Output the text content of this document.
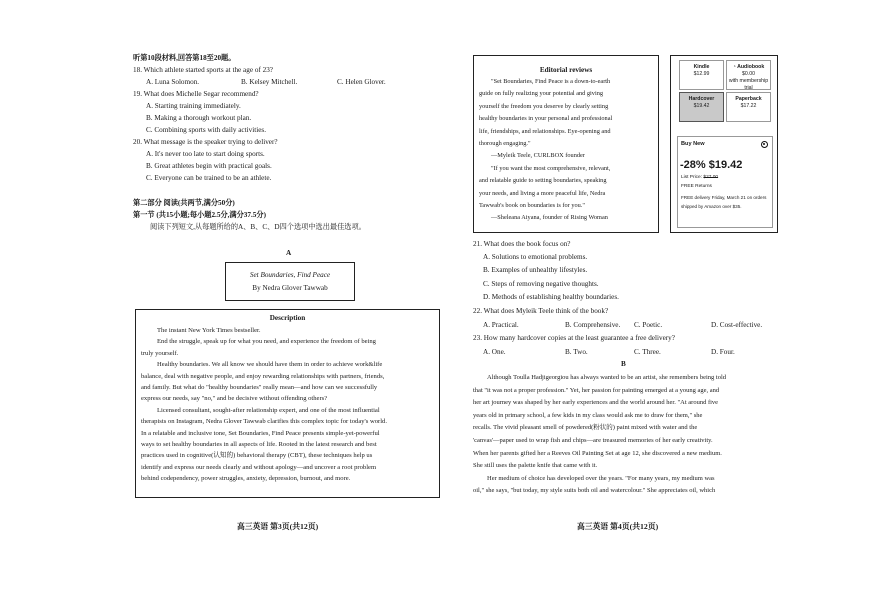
听第10段材料,回答第18至20题。
18. Which athlete started sports at the age of 23?
A. Luna Solomon.	B. Kelsey Mitchell.	C. Helen Glover.
19. What does Michelle Segar recommend?
A. Starting training immediately.
B. Making a thorough workout plan.
C. Combining sports with daily activities.
20. What message is the speaker trying to deliver?
A. It's never too late to start doing sports.
B. Great athletes begin with practical goals.
C. Everyone can be trained to be an athlete.
第二部分 阅读(共两节,满分50分)
第一节 (共15小题;每小题2.5分,满分37.5分)
阅读下列短文,从每题所给的A、B、C、D四个选项中选出最佳选项。
A
Set Boundaries, Find Peace
By Nedra Glover Tawwab
Description
The instant New York Times bestseller.
End the struggle, speak up for what you need, and experience the freedom of being
truly yourself.
Healthy boundaries. We all know we should have them in order to achieve work&life
balance, deal with negative people, and enjoy rewarding relationships with partners, friends,
and family. But what do "healthy boundaries" really mean—and how can we successfully
express our needs, say "no," and be decisive without offending others?
Licensed consultant, sought-after relationship expert, and one of the most influential
therapists on Instagram, Nedra Glover Tawwab clarifies this complex topic for today's world.
In a relatable and inclusive tone, Set Boundaries, Find Peace presents simple-yet-powerful
ways to set healthy boundaries in all aspects of life. Rooted in the latest research and best
practices used in cognitive(认知的) behavioral therapy (CBT), these techniques help us
identify and express our needs clearly and without apology—and uncover a root problem
behind codependency, power struggles, anxiety, depression, burnout, and more.
高三英语 第3页(共12页)
Editorial reviews
"Set Boundaries, Find Peace is a down-to-earth
guide on fully realizing your potential and giving
yourself the freedom you deserve by clearly setting
healthy boundaries in your personal and professional
life, friendships, and relationships. Eye-opening and
thorough engaging."
—Myleik Teele, CURLBOX founder
"If you want the most comprehensive, relevant,
and relatable guide to setting boundaries, speaking
your needs, and living a more peaceful life, Nedra
Tawwab's book on boundaries is for you."
—Sheleana Aiyana, founder of Rising Woman
Kindle
$12.99
◔ Audiobook
$0.00
with membership trial
Hardcover
$19.42
Paperback
$17.22
Buy New
-28% $19.42
List Price: $27.00
FREE Returns
FREE delivery Friday, March 21 on orders
shipped by Amazon over $35.
21. What does the book focus on?
A. Solutions to emotional problems.
B. Examples of unhealthy lifestyles.
C. Steps of removing negative thoughts.
D. Methods of establishing healthy boundaries.
22. What does Myleik Teele think of the book?
A. Practical.	B. Comprehensive. C. Poetic.	D. Cost-effective.
23. How many hardcover copies at the least guarantee a free delivery?
A. One.	B. Two.	C. Three.	D. Four.
B
Although Toulla Hadjigeorgiou has always wanted to be an artist, she remembers being told
that "it was not a proper profession." Yet, her passion for painting emerged at a young age, and
her art journey was shaped by her early experiences and the world around her. "At around five
years old in primary school, a few kids in my class would ask me to draw for them," she
recalls. The vivid pleasant smell of powdered(粉状的) paint mixed with water and the
'canvas'—paper used to wrap fish and chips—are treasured memories of her early creativity.
When her parents gifted her a Reeves Oil Painting Set at age 12, she discovered a new medium.
She still uses the palette knife that came with it.
Her medium of choice has developed over the years. "For many years, my medium was
oil," she says, "but today, my style suits both oil and watercolour." She appreciates oil, which
高三英语 第4页(共12页)
